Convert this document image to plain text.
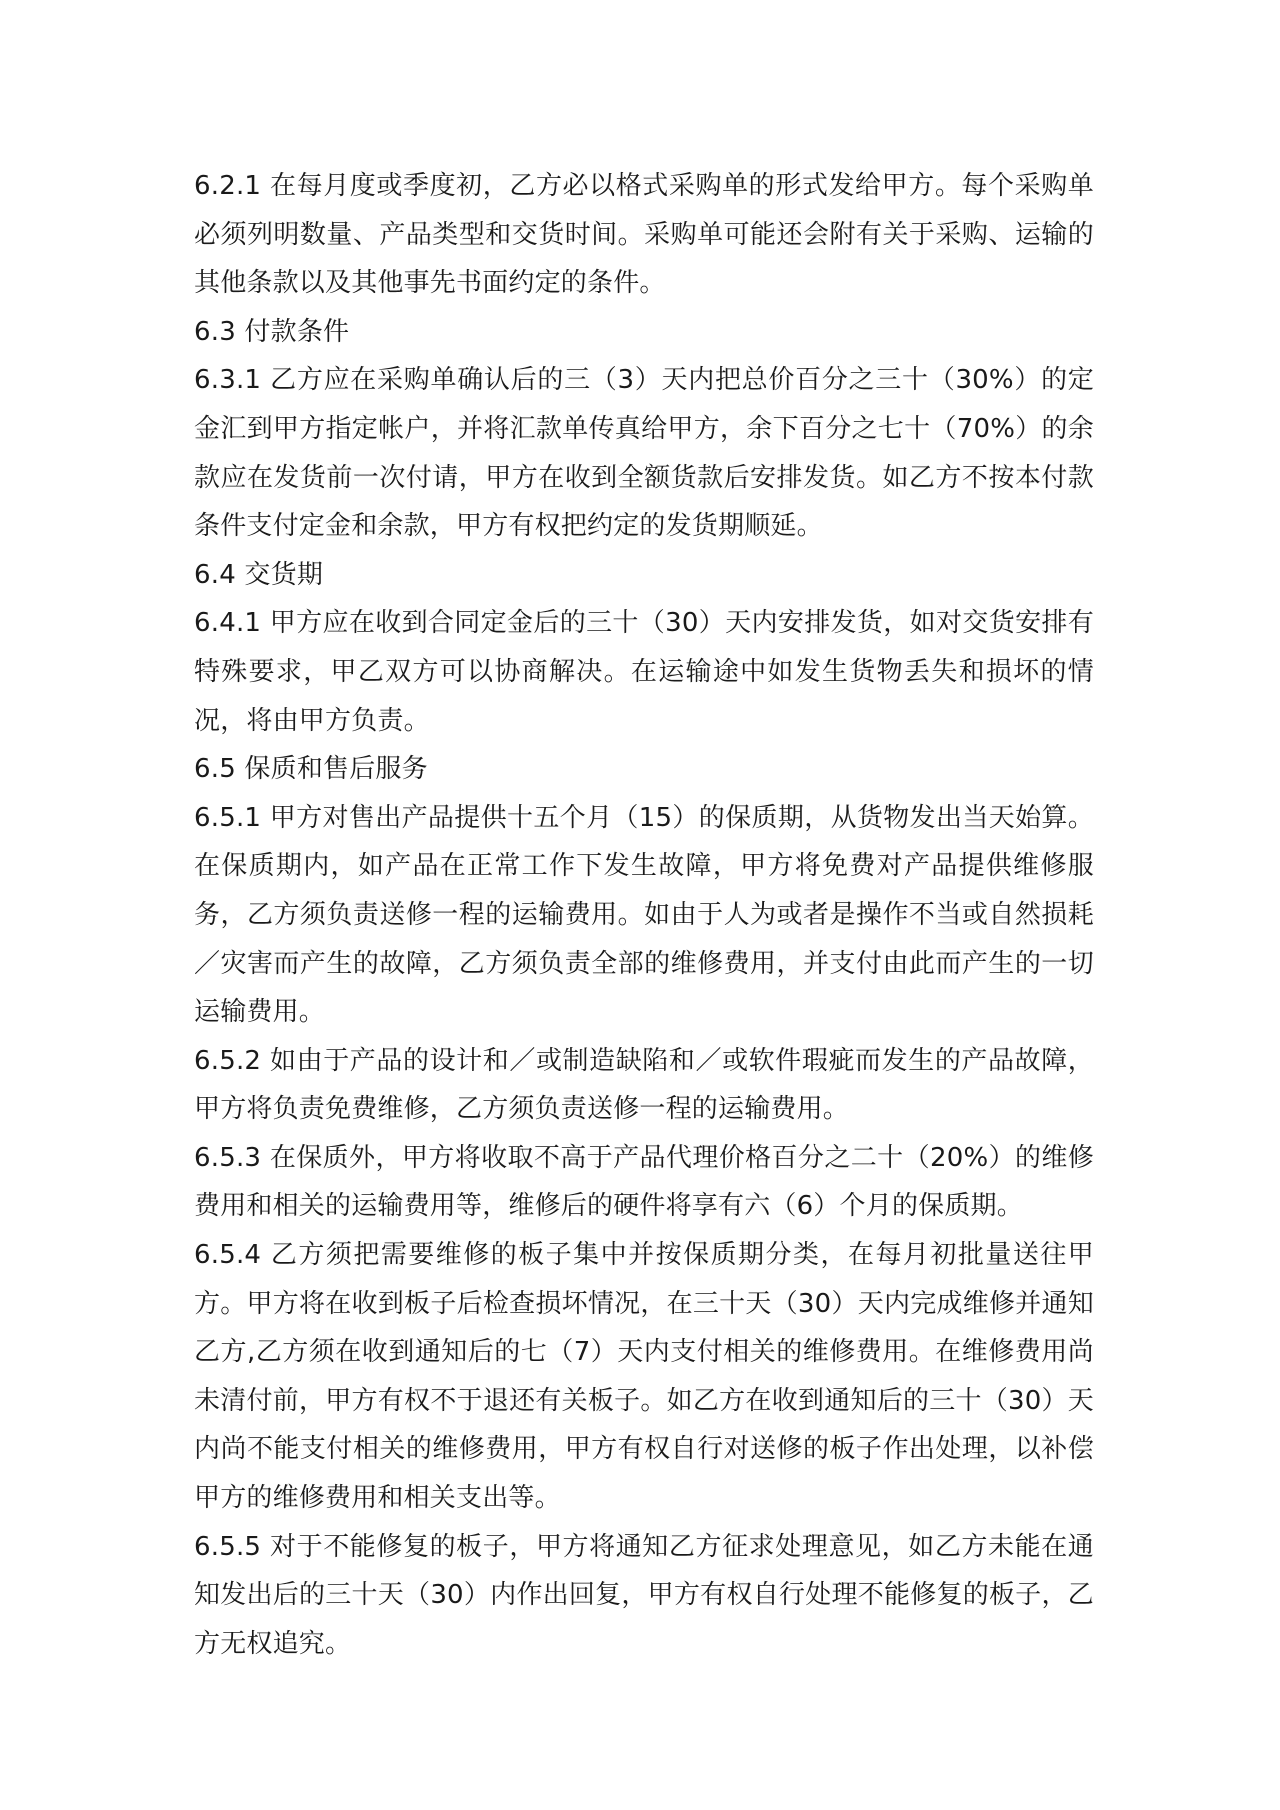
6.2.1 在每月度或季度初，乙方必以格式采购单的形式发给甲方。每个采购单必须列明数量、产品类型和交货时间。采购单可能还会附有关于采购、运输的其他条款以及其他事先书面约定的条件。

6.3 付款条件

6.3.1 乙方应在采购单确认后的三（3）天内把总价百分之三十（30%）的定金汇到甲方指定帐户，并将汇款单传真给甲方，余下百分之七十（70%）的余款应在发货前一次付请，甲方在收到全额货款后安排发货。如乙方不按本付款条件支付定金和余款，甲方有权把约定的发货期顺延。

6.4 交货期

6.4.1 甲方应在收到合同定金后的三十（30）天内安排发货，如对交货安排有特殊要求，甲乙双方可以协商解决。在运输途中如发生货物丢失和损坏的情况，将由甲方负责。

6.5 保质和售后服务

6.5.1 甲方对售出产品提供十五个月（15）的保质期，从货物发出当天始算。在保质期内，如产品在正常工作下发生故障，甲方将免费对产品提供维修服务，乙方须负责送修一程的运输费用。如由于人为或者是操作不当或自然损耗／灾害而产生的故障，乙方须负责全部的维修费用，并支付由此而产生的一切运输费用。

6.5.2 如由于产品的设计和／或制造缺陷和／或软件瑕疵而发生的产品故障，甲方将负责免费维修，乙方须负责送修一程的运输费用。

6.5.3 在保质外，甲方将收取不高于产品代理价格百分之二十（20%）的维修费用和相关的运输费用等，维修后的硬件将享有六（6）个月的保质期。

6.5.4 乙方须把需要维修的板子集中并按保质期分类，在每月初批量送往甲方。甲方将在收到板子后检查损坏情况，在三十天（30）天内完成维修并通知乙方,乙方须在收到通知后的七（7）天内支付相关的维修费用。在维修费用尚未清付前，甲方有权不于退还有关板子。如乙方在收到通知后的三十（30）天内尚不能支付相关的维修费用，甲方有权自行对送修的板子作出处理，以补偿甲方的维修费用和相关支出等。

6.5.5 对于不能修复的板子，甲方将通知乙方征求处理意见，如乙方未能在通知发出后的三十天（30）内作出回复，甲方有权自行处理不能修复的板子，乙方无权追究。
